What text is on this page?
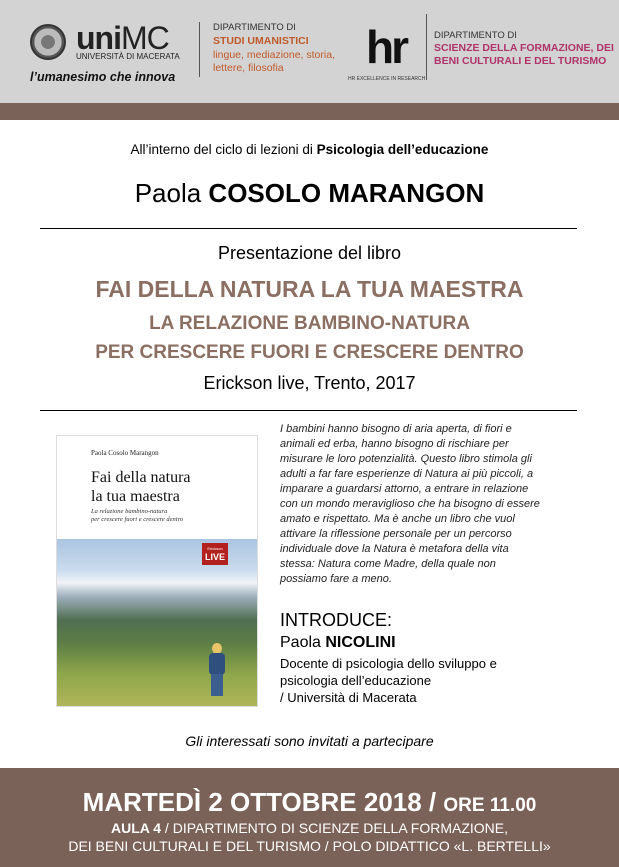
uniMC
UNIVERSITÀ DI MACERATA
l’umanesimo che innova
DIPARTIMENTO DI
STUDI UMANISTICI
lingue, mediazione, storia, lettere, filosofia	hr
HR EXCELLENCE IN RESEARCH
DIPARTIMENTO DI
SCIENZE DELLA FORMAZIONE, DEI BENI CULTURALI E DEL TURISMO
All’interno del ciclo di lezioni di Psicologia dell’educazione
Paola COSOLO MARANGON
Presentazione del libro
FAI DELLA NATURA LA TUA MAESTRA
LA RELAZIONE BAMBINO-NATURA
PER CRESCERE FUORI E CRESCERE DENTRO
Erickson live, Trento, 2017
Paola Cosolo Marangon
Fai della natura
la tua maestra
La relazione bambino-natura
per crescere fuori e crescere dentro
Erickson
LIVE
I bambini hanno bisogno di aria aperta, di fiori e animali ed erba, hanno bisogno di rischiare per misurare le loro potenzialità. Questo libro stimola gli adulti a far fare esperienze di Natura ai più piccoli, a imparare a guardarsi attorno, a entrare in relazione con un mondo meraviglioso che ha bisogno di essere amato e rispettato. Ma è anche un libro che vuol attivare la riflessione personale per un percorso individuale dove la Natura è metafora della vita stessa: Natura come Madre, della quale non possiamo fare a meno.
INTRODUCE:
Paola NICOLINI
Docente di psicologia dello sviluppo e
psicologia dell’educazione
/ Università di Macerata
Gli interessati sono invitati a partecipare
MARTEDÌ 2 OTTOBRE 2018 / ORE 11.00
AULA 4 / DIPARTIMENTO DI SCIENZE DELLA FORMAZIONE,
DEI BENI CULTURALI E DEL TURISMO / POLO DIDATTICO «L. BERTELLI»
